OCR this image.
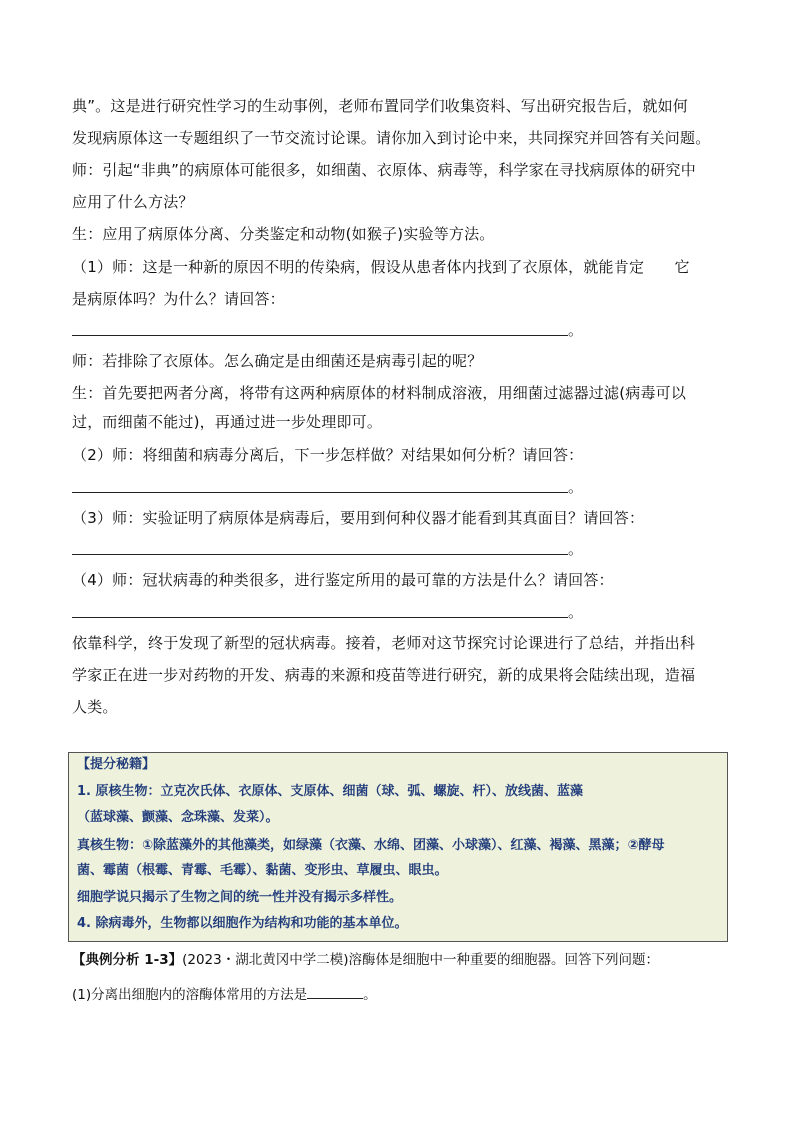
典”。这是进行研究性学习的生动事例，老师布置同学们收集资料、写出研究报告后，就如何
发现病原体这一专题组织了一节交流讨论课。请你加入到讨论中来，共同探究并回答有关问题。
师：引起“非典”的病原体可能很多，如细菌、衣原体、病毒等，科学家在寻找病原体的研究中
应用了什么方法？
生：应用了病原体分离、分类鉴定和动物(如猴子)实验等方法。
（1）师：这是一种新的原因不明的传染病，假设从患者体内找到了衣原体，就能肯定　　它
是病原体吗？为什么？请回答：
。
师：若排除了衣原体。怎么确定是由细菌还是病毒引起的呢？
生：首先要把两者分离，将带有这两种病原体的材料制成溶液，用细菌过滤器过滤(病毒可以
过，而细菌不能过)，再通过进一步处理即可。
（2）师：将细菌和病毒分离后，下一步怎样做？对结果如何分析？请回答：
。
（3）师：实验证明了病原体是病毒后，要用到何种仪器才能看到其真面目？请回答：
。
（4）师：冠状病毒的种类很多，进行鉴定所用的最可靠的方法是什么？请回答：
。
依靠科学，终于发现了新型的冠状病毒。接着，老师对这节探究讨论课进行了总结，并指出科
学家正在进一步对药物的开发、病毒的来源和疫苗等进行研究，新的成果将会陆续出现，造福
人类。
【提分秘籍】
1. 原核生物：立克次氏体、衣原体、支原体、细菌（球、弧、螺旋、杆）、放线菌、蓝藻
（蓝球藻、颤藻、念珠藻、发菜）。
真核生物：①除蓝藻外的其他藻类，如绿藻（衣藻、水绵、团藻、小球藻）、红藻、褐藻、黑藻；②酵母
菌、霉菌（根霉、青霉、毛霉）、黏菌、变形虫、草履虫、眼虫。
细胞学说只揭示了生物之间的统一性并没有揭示多样性。
4. 除病毒外，生物都以细胞作为结构和功能的基本单位。
【典例分析 1-3】(2023・湖北黄冈中学二模)溶酶体是细胞中一种重要的细胞器。回答下列问题：
(1)分离出细胞内的溶酶体常用的方法是	。
